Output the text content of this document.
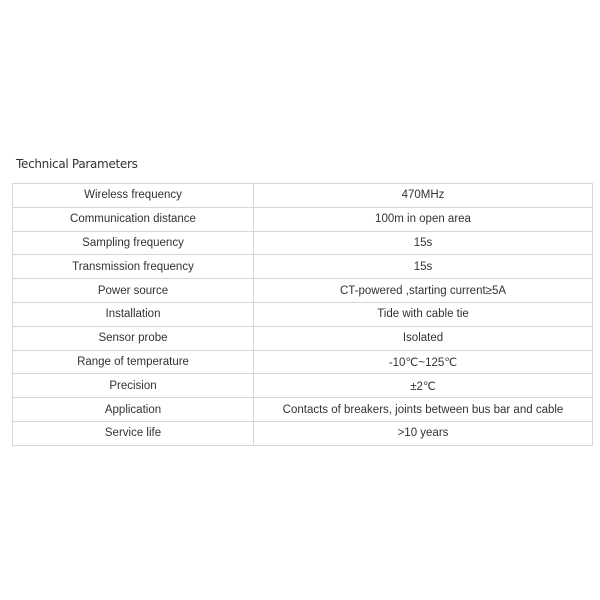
Technical Parameters
Wireless frequency	470MHz
Communication distance	100m in open area
Sampling frequency	15s
Transmission frequency	15s
Power source	CT-powered ,starting current≥5A
Installation	Tide with cable tie
Sensor probe	Isolated
Range of temperature	-10℃~125℃
Precision	±2℃
Application	Contacts of breakers, joints between bus bar and cable
Service life	>10 years
